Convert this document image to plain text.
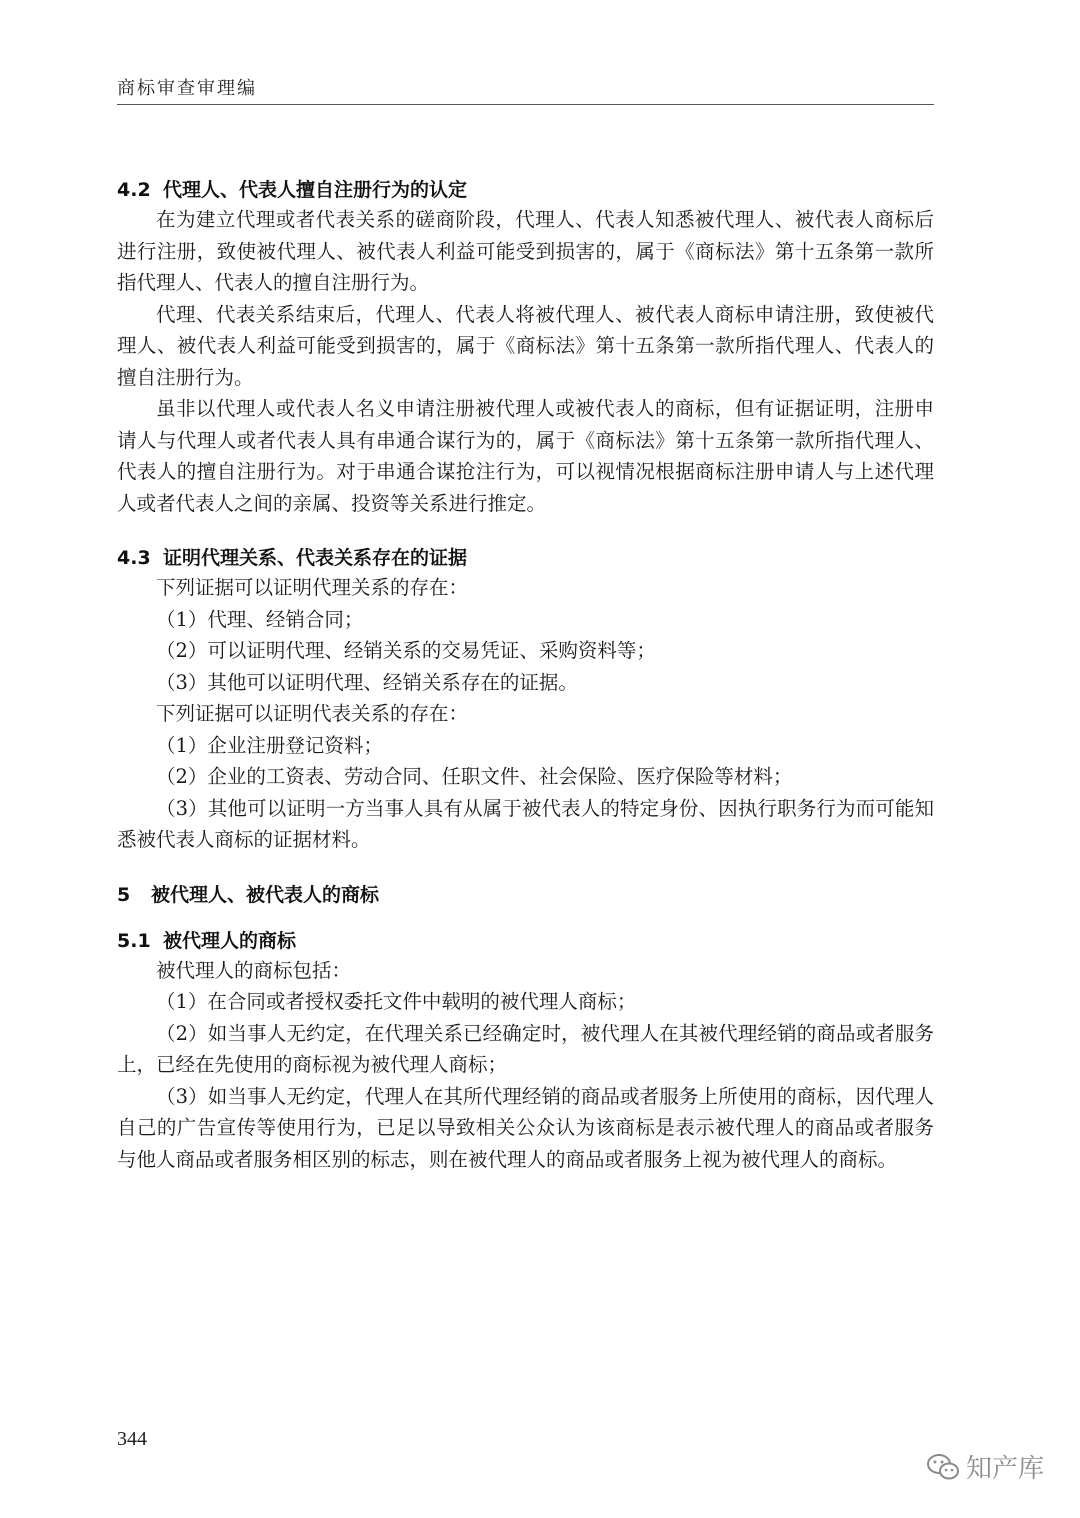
商标审查审理编
4.2 代理人、代表人擅自注册行为的认定

在为建立代理或者代表关系的磋商阶段，代理人、代表人知悉被代理人、被代表人商标后进行注册，致使被代理人、被代表人利益可能受到损害的，属于《商标法》第十五条第一款所指代理人、代表人的擅自注册行为。

代理、代表关系结束后，代理人、代表人将被代理人、被代表人商标申请注册，致使被代理人、被代表人利益可能受到损害的，属于《商标法》第十五条第一款所指代理人、代表人的擅自注册行为。

虽非以代理人或代表人名义申请注册被代理人或被代表人的商标，但有证据证明，注册申请人与代理人或者代表人具有串通合谋行为的，属于《商标法》第十五条第一款所指代理人、代表人的擅自注册行为。对于串通合谋抢注行为，可以视情况根据商标注册申请人与上述代理人或者代表人之间的亲属、投资等关系进行推定。

4.3 证明代理关系、代表关系存在的证据

下列证据可以证明代理关系的存在：

（1）代理、经销合同；

（2）可以证明代理、经销关系的交易凭证、采购资料等；

（3）其他可以证明代理、经销关系存在的证据。

下列证据可以证明代表关系的存在：

（1）企业注册登记资料；

（2）企业的工资表、劳动合同、任职文件、社会保险、医疗保险等材料；

（3）其他可以证明一方当事人具有从属于被代表人的特定身份、因执行职务行为而可能知悉被代表人商标的证据材料。

5 被代理人、被代表人的商标
5.1 被代理人的商标

被代理人的商标包括：

（1）在合同或者授权委托文件中载明的被代理人商标；

（2）如当事人无约定，在代理关系已经确定时，被代理人在其被代理经销的商品或者服务上，已经在先使用的商标视为被代理人商标；

（3）如当事人无约定，代理人在其所代理经销的商品或者服务上所使用的商标，因代理人自己的广告宣传等使用行为，已足以导致相关公众认为该商标是表示被代理人的商品或者服务与他人商品或者服务相区别的标志，则在被代理人的商品或者服务上视为被代理人的商标。

344
知产库
